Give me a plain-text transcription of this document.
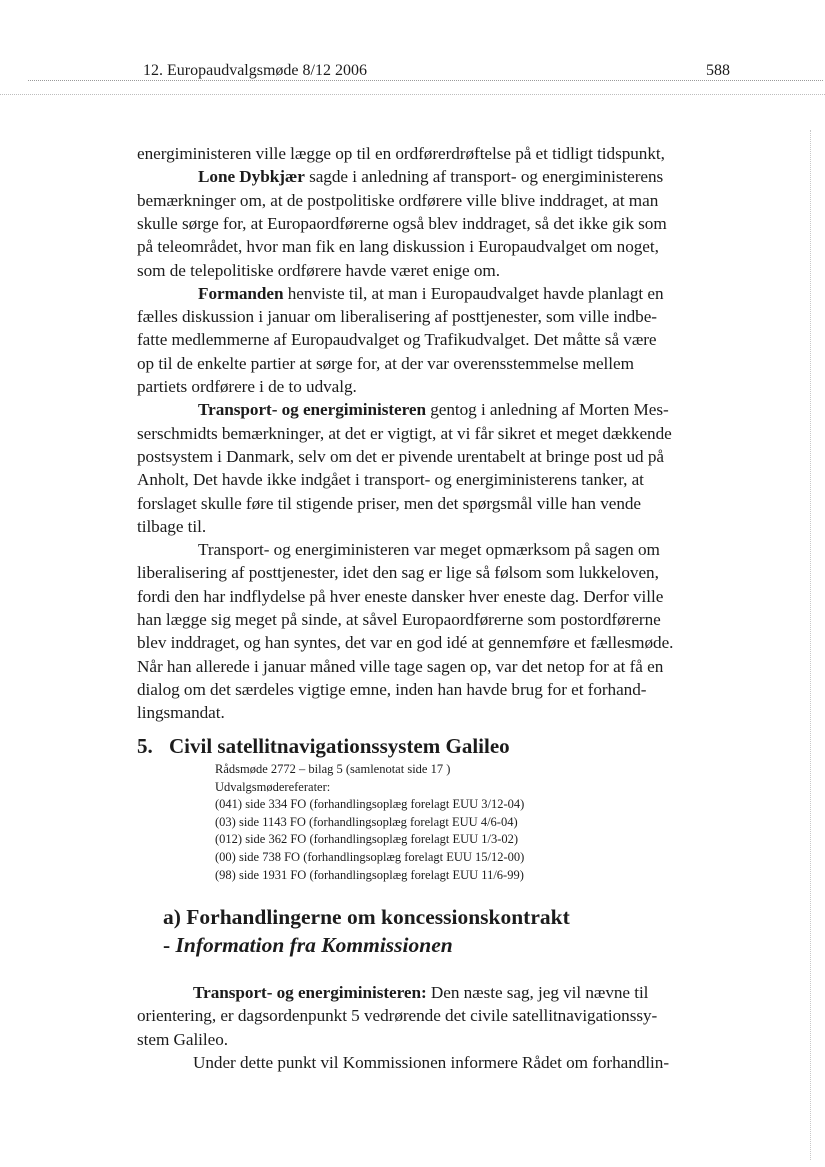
12. Europaudvalgsmøde 8/12 2006	588
energiministeren ville lægge op til en ordførerdrøftelse på et tidligt tidspunkt,
Lone Dybkjær sagde i anledning af transport- og energiministerens
bemærkninger om, at de postpolitiske ordførere ville blive inddraget, at man
skulle sørge for, at Europaordførerne også blev inddraget, så det ikke gik som
på teleområdet, hvor man fik en lang diskussion i Europaudvalget om noget,
som de telepolitiske ordførere havde været enige om.
Formanden henviste til, at man i Europaudvalget havde planlagt en
fælles diskussion i januar om liberalisering af posttjenester, som ville indbe-
fatte medlemmerne af Europaudvalget og Trafikudvalget. Det måtte så være
op til de enkelte partier at sørge for, at der var overensstemmelse mellem
partiets ordførere i de to udvalg.
Transport- og energiministeren gentog i anledning af Morten Mes-
serschmidts bemærkninger, at det er vigtigt, at vi får sikret et meget dækkende
postsystem i Danmark, selv om det er pivende urentabelt at bringe post ud på
Anholt, Det havde ikke indgået i transport- og energiministerens tanker, at
forslaget skulle føre til stigende priser, men det spørgsmål ville han vende
tilbage til.
Transport- og energiministeren var meget opmærksom på sagen om
liberalisering af posttjenester, idet den sag er lige så følsom som lukkeloven,
fordi den har indflydelse på hver eneste dansker hver eneste dag. Derfor ville
han lægge sig meget på sinde, at såvel Europaordførerne som postordførerne
blev inddraget, og han syntes, det var en god idé at gennemføre et fællesmøde.
Når han allerede i januar måned ville tage sagen op, var det netop for at få en
dialog om det særdeles vigtige emne, inden han havde brug for et forhand-
lingsmandat.
5. Civil satellitnavigationssystem Galileo
Rådsmøde 2772 – bilag 5 (samlenotat side 17 )
Udvalgsmødereferater:
(041) side 334 FO (forhandlingsoplæg forelagt EUU 3/12-04)
(03) side 1143 FO (forhandlingsoplæg forelagt EUU 4/6-04)
(012) side 362 FO (forhandlingsoplæg forelagt EUU 1/3-02)
(00) side 738 FO (forhandlingsoplæg forelagt EUU 15/12-00)
(98) side 1931 FO (forhandlingsoplæg forelagt EUU 11/6-99)
a) Forhandlingerne om koncessionskontrakt
- Information fra Kommissionen
Transport- og energiministeren: Den næste sag, jeg vil nævne til
orientering, er dagsordenpunkt 5 vedrørende det civile satellitnavigationssy-
stem Galileo.
Under dette punkt vil Kommissionen informere Rådet om forhandlin-
